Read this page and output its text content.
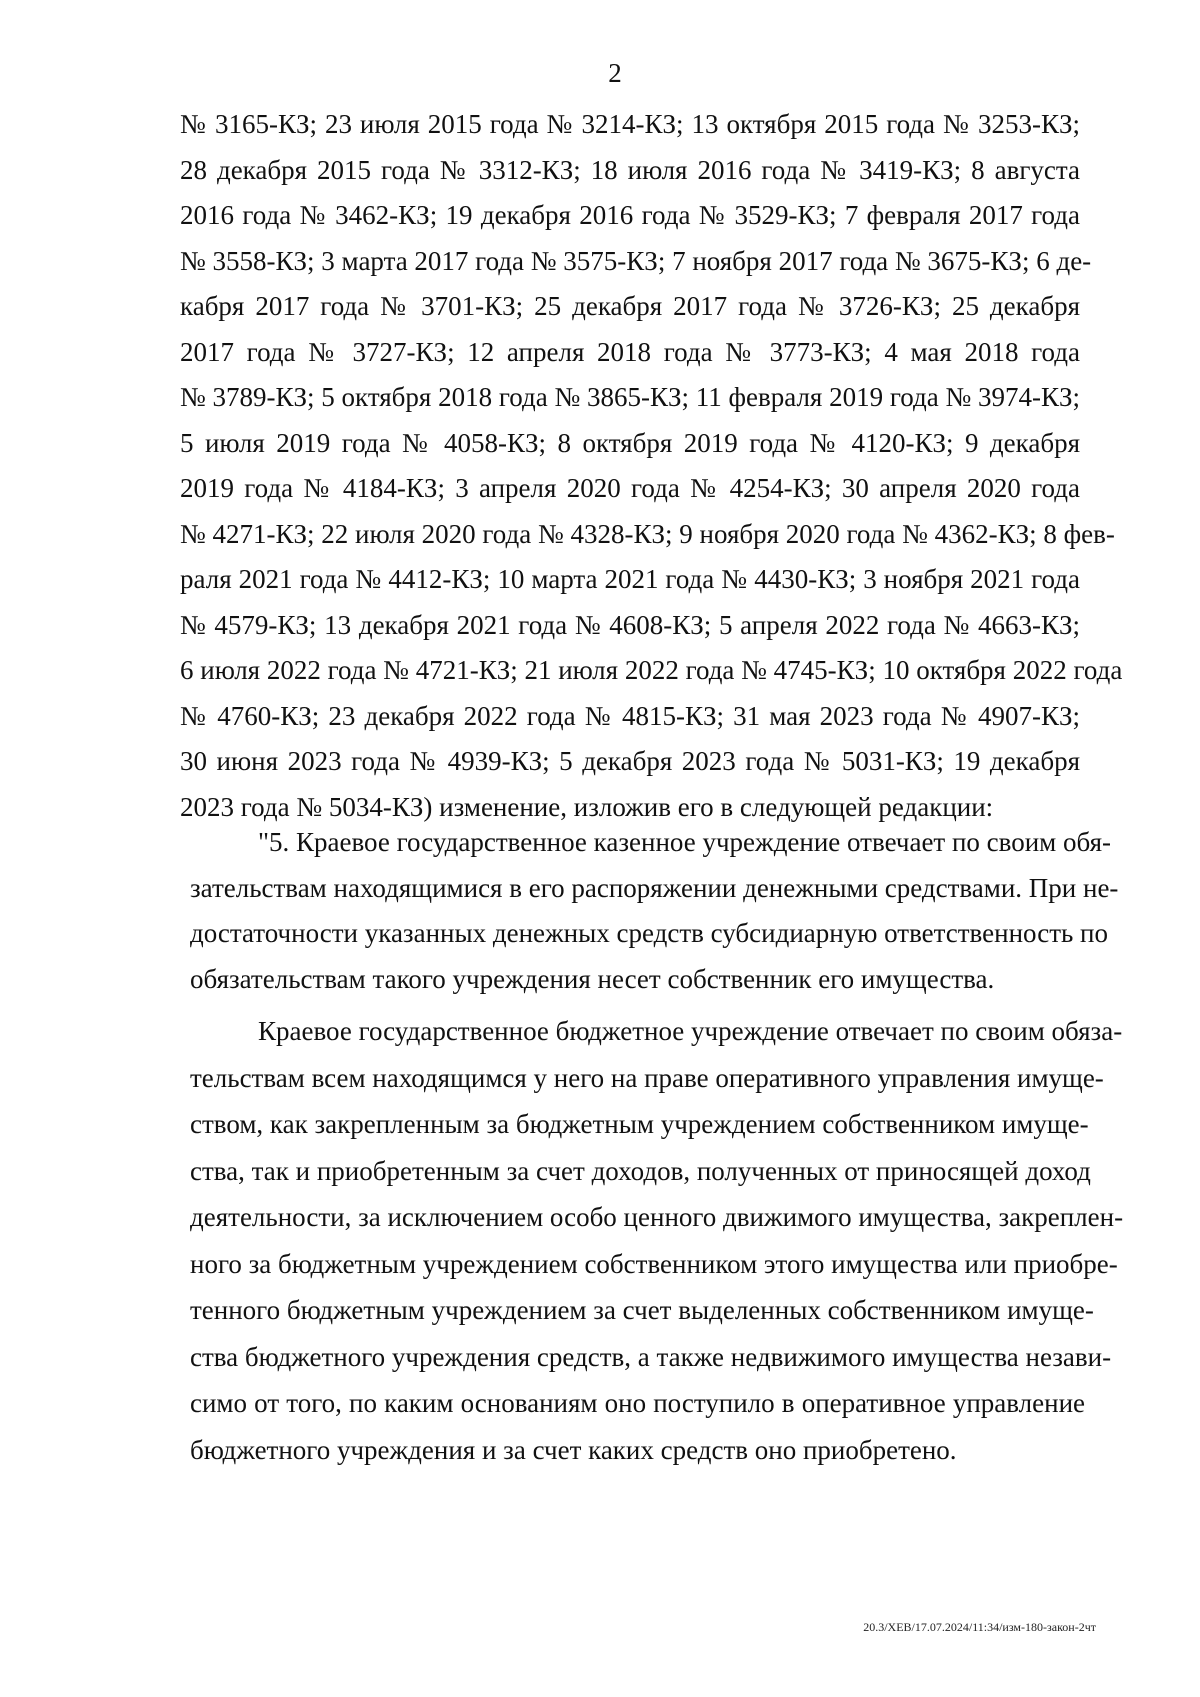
2
№ 3165-КЗ; 23 июля 2015 года № 3214-КЗ; 13 октября 2015 года № 3253-КЗ;
28 декабря 2015 года № 3312-КЗ; 18 июля 2016 года № 3419-КЗ; 8 августа
2016 года № 3462-КЗ; 19 декабря 2016 года № 3529-КЗ; 7 февраля 2017 года
№ 3558-КЗ; 3 марта 2017 года № 3575-КЗ; 7 ноября 2017 года № 3675-КЗ; 6 де-
кабря 2017 года № 3701-КЗ; 25 декабря 2017 года № 3726-КЗ; 25 декабря
2017 года № 3727-КЗ; 12 апреля 2018 года № 3773-КЗ; 4 мая 2018 года
№ 3789-КЗ; 5 октября 2018 года № 3865-КЗ; 11 февраля 2019 года № 3974-КЗ;
5 июля 2019 года № 4058-КЗ; 8 октября 2019 года № 4120-КЗ; 9 декабря
2019 года № 4184-КЗ; 3 апреля 2020 года № 4254-КЗ; 30 апреля 2020 года
№ 4271-КЗ; 22 июля 2020 года № 4328-КЗ; 9 ноября 2020 года № 4362-КЗ; 8 фев-
раля 2021 года № 4412-КЗ; 10 марта 2021 года № 4430-КЗ; 3 ноября 2021 года
№ 4579-КЗ; 13 декабря 2021 года № 4608-КЗ; 5 апреля 2022 года № 4663-КЗ;
6 июля 2022 года № 4721-КЗ; 21 июля 2022 года № 4745-КЗ; 10 октября 2022 года
№ 4760-КЗ; 23 декабря 2022 года № 4815-КЗ; 31 мая 2023 года № 4907-КЗ;
30 июня 2023 года № 4939-КЗ; 5 декабря 2023 года № 5031-КЗ; 19 декабря
2023 года № 5034-КЗ) изменение, изложив его в следующей редакции:
"5. Краевое государственное казенное учреждение отвечает по своим обя-
зательствам находящимися в его распоряжении денежными средствами. При не-
достаточности указанных денежных средств субсидиарную ответственность по
обязательствам такого учреждения несет собственник его имущества.
Краевое государственное бюджетное учреждение отвечает по своим обяза-
тельствам всем находящимся у него на праве оперативного управления имуще-
ством, как закрепленным за бюджетным учреждением собственником имуще-
ства, так и приобретенным за счет доходов, полученных от приносящей доход
деятельности, за исключением особо ценного движимого имущества, закреплен-
ного за бюджетным учреждением собственником этого имущества или приобре-
тенного бюджетным учреждением за счет выделенных собственником имуще-
ства бюджетного учреждения средств, а также недвижимого имущества незави-
симо от того, по каким основаниям оно поступило в оперативное управление
бюджетного учреждения и за счет каких средств оно приобретено.
20.3/ХЕВ/17.07.2024/11:34/изм-180-закон-2чт
